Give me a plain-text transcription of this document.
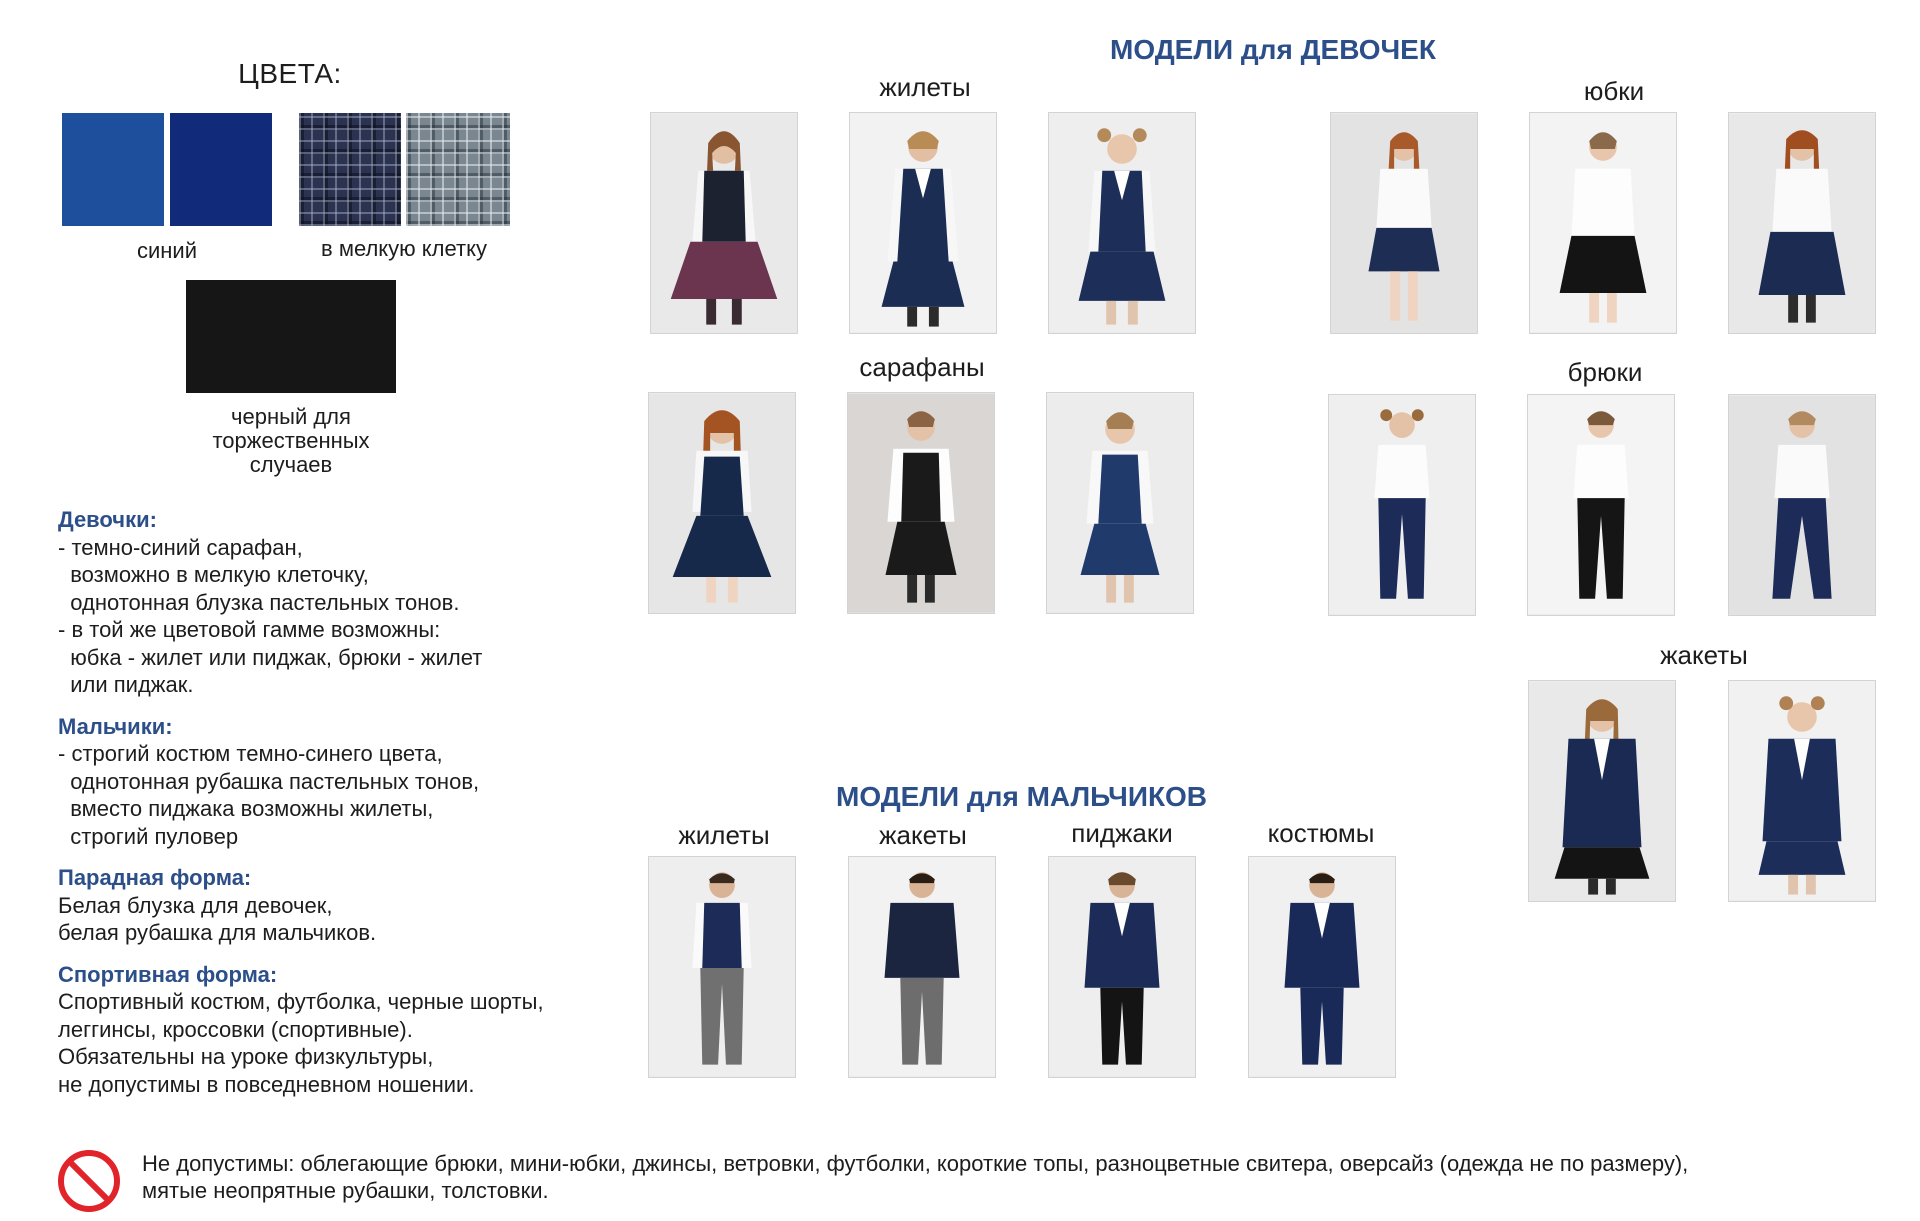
ЦВЕТА:
синий	в мелкую клетку
черный для
торжественных
случаев

Девочки:

- темно-синий сарафан,

возможно в мелкую клеточку,

однотонная блузка пастельных тонов.

- в той же цветовой гамме возможны:

юбка - жилет или пиджак, брюки - жилет

или пиджак.

Мальчики:

- строгий костюм темно-синего цвета,

однотонная рубашка пастельных тонов,

вместо пиджака возможны жилеты,

строгий пуловер

Парадная форма:

Белая блузка для девочек,

белая рубашка для мальчиков.

Спортивная форма:

Спортивный костюм, футболка, черные шорты,

леггинсы, кроссовки (спортивные).

Обязательны на уроке физкультуры,

не допустимы в повседневном ношении.

МОДЕЛИ для ДЕВОЧЕК
жилеты	юбки
сарафаны	брюки
жакеты
МОДЕЛИ для МАЛЬЧИКОВ
жилеты	жакеты	пиджаки	костюмы
Не допустимы: облегающие брюки, мини-юбки, джинсы, ветровки, футболки, короткие топы, разноцветные свитера, оверсайз (одежда не по размеру),
мятые неопрятные рубашки, толстовки.
